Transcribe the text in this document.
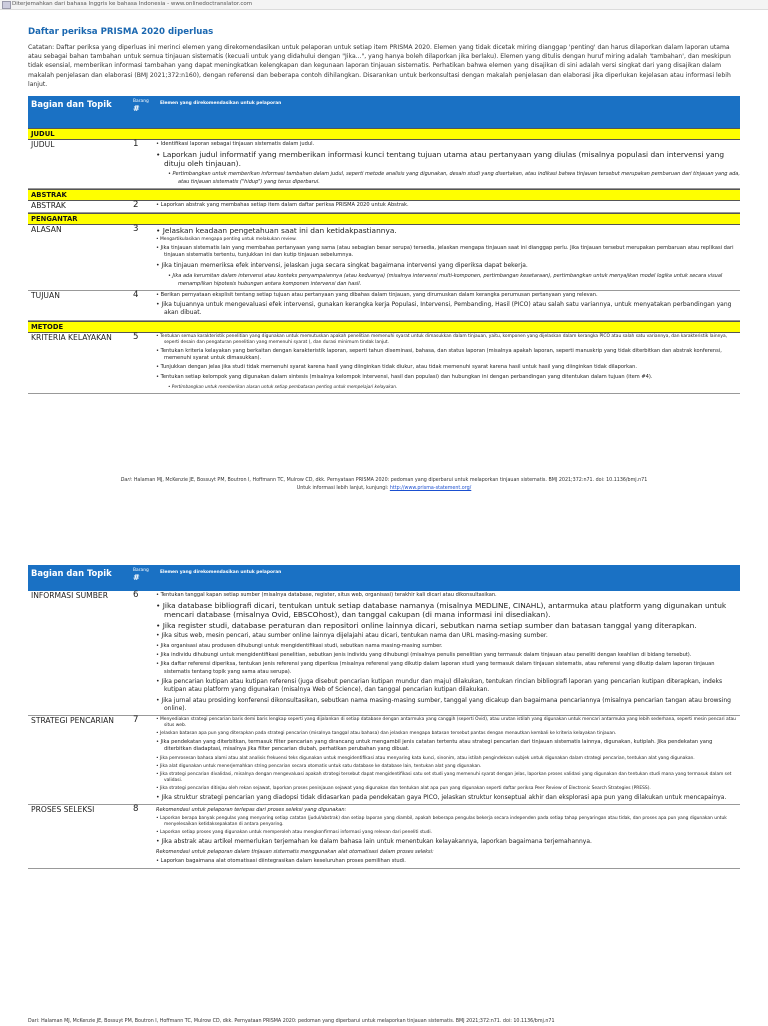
Diterjemahkan dari bahasa Inggris ke bahasa Indonesia - www.onlinedoctranslator.com
Daftar periksa PRISMA 2020 diperluas

Catatan: Daftar periksa yang diperluas ini merinci elemen yang direkomendasikan untuk pelaporan untuk setiap item PRISMA 2020. Elemen yang tidak dicetak miring dianggap 'penting' dan harus dilaporkan dalam laporan utama atau sebagai bahan tambahan untuk semua tinjauan sistematis (kecuali untuk yang didahului dengan "Jika...", yang hanya boleh dilaporkan jika berlaku). Elemen yang ditulis dengan huruf miring adalah 'tambahan', dan meskipun tidak esensial, memberikan informasi tambahan yang dapat meningkatkan kelengkapan dan kegunaan laporan tinjauan sistematis. Perhatikan bahwa elemen yang disajikan di sini adalah versi singkat dari yang disajikan dalam makalah penjelasan dan elaborasi (BMJ 2021;372:n160), dengan referensi dan beberapa contoh dihilangkan. Disarankan untuk berkonsultasi dengan makalah penjelasan dan elaborasi jika diperlukan kejelasan atau informasi lebih lanjut.

Bagian dan Topik	Barang
#
Elemen yang direkomendasikan untuk pelaporan
JUDUL
JUDUL	1	• Identifikasi laporan sebagai tinjauan sistematis dalam judul.
• Laporkan judul informatif yang memberikan informasi kunci tentang tujuan utama atau pertanyaan yang diulas (misalnya populasi dan intervensi yang dituju oleh tinjauan).
• Pertimbangkan untuk memberikan informasi tambahan dalam judul, seperti metode analisis yang digunakan, desain studi yang disertakan, atau indikasi bahwa tinjauan tersebut merupakan pembaruan dari tinjauan yang ada, atau tinjauan sistematis ("hidup") yang terus diperbarui.
ABSTRAK
ABSTRAK	2	• Laporkan abstrak yang membahas setiap item dalam daftar periksa PRISMA 2020 untuk Abstrak.
PENGANTAR
ALASAN	3 • Jelaskan keadaan pengetahuan saat ini dan ketidakpastiannya.
• Mengartikulasikan mengapa penting untuk melakukan review.
• Jika tinjauan sistematis lain yang membahas pertanyaan yang sama (atau sebagian besar serupa) tersedia, jelaskan mengapa tinjauan saat ini dianggap perlu. Jika tinjauan tersebut merupakan pembaruan atau replikasi dari tinjauan sistematis tertentu, tunjukkan ini dan kutip tinjauan sebelumnya.
• Jika tinjauan memeriksa efek intervensi, jelaskan juga secara singkat bagaimana intervensi yang diperiksa dapat bekerja.
• Jika ada kerumitan dalam intervensi atau konteks penyampaiannya (atau keduanya) (misalnya intervensi multi-komponen, pertimbangan kesetaraan), pertimbangkan untuk menyajikan model logika untuk secara visual menampilkan hipotesis hubungan antara komponen intervensi dan hasil.
TUJUAN	4	• Berikan pernyataan eksplisit tentang setiap tujuan atau pertanyaan yang dibahas dalam tinjauan, yang dirumuskan dalam kerangka perumusan pertanyaan yang relevan.
• Jika tujuannya untuk mengevaluasi efek intervensi, gunakan kerangka kerja Populasi, Intervensi, Pembanding, Hasil (PICO) atau salah satu variannya, untuk menyatakan perbandingan yang akan dibuat.
METODE
KRITERIA KELAYAKAN	5	• Tentukan semua karakteristik penelitian yang digunakan untuk memutuskan apakah penelitian memenuhi syarat untuk dimasukkan dalam tinjauan, yaitu, komponen yang dijelaskan dalam kerangka PICO atau salah satu variannya, dan karakteristik lainnya, seperti desain dan pengaturan penelitian yang memenuhi syarat ), dan durasi minimum tindak lanjut.
• Tentukan kriteria kelayakan yang berkaitan dengan karakteristik laporan, seperti tahun diseminasi, bahasa, dan status laporan (misalnya apakah laporan, seperti manuskrip yang tidak diterbitkan dan abstrak konferensi, memenuhi syarat untuk dimasukkan).
• Tunjukkan dengan jelas jika studi tidak memenuhi syarat karena hasil yang diinginkan tidak diukur, atau tidak memenuhi syarat karena hasil untuk hasil yang diinginkan tidak dilaporkan.
• Tentukan setiap kelompok yang digunakan dalam sintesis (misalnya kelompok intervensi, hasil dan populasi) dan hubungkan ini dengan perbandingan yang ditentukan dalam tujuan (item #4).
• Pertimbangkan untuk memberikan alasan untuk setiap pembatasan penting untuk mempelajari kelayakan.
Dari: Halaman MJ, McKenzie JE, Bossuyt PM, Boutron I, Hoffmann TC, Mulrow CD, dkk. Pernyataan PRISMA 2020: pedoman yang diperbarui untuk melaporkan tinjauan sistematis. BMJ 2021;372:n71. doi: 10.1136/bmj.n71
Untuk informasi lebih lanjut, kunjungi: http://www.prisma-statement.org/
Bagian dan Topik	Barang
#
Elemen yang direkomendasikan untuk pelaporan
INFORMASI SUMBER	6	• Tentukan tanggal kapan setiap sumber (misalnya database, register, situs web, organisasi) terakhir kali dicari atau dikonsultasikan.
• Jika database bibliografi dicari, tentukan untuk setiap database namanya (misalnya MEDLINE, CINAHL), antarmuka atau platform yang digunakan untuk mencari database (misalnya Ovid, EBSCOhost), dan tanggal cakupan (di mana informasi ini disediakan).
• Jika register studi, database peraturan dan repositori online lainnya dicari, sebutkan nama setiap sumber dan batasan tanggal yang diterapkan.
• Jika situs web, mesin pencari, atau sumber online lainnya dijelajahi atau dicari, tentukan nama dan URL masing-masing sumber.
• Jika organisasi atau produsen dihubungi untuk mengidentifikasi studi, sebutkan nama masing-masing sumber.
• Jika individu dihubungi untuk mengidentifikasi penelitian, sebutkan jenis individu yang dihubungi (misalnya penulis penelitian yang termasuk dalam tinjauan atau peneliti dengan keahlian di bidang tersebut).
• Jika daftar referensi diperiksa, tentukan jenis referensi yang diperiksa (misalnya referensi yang dikutip dalam laporan studi yang termasuk dalam tinjauan sistematis, atau referensi yang dikutip dalam laporan tinjauan sistematis tentang topik yang sama atau serupa).
• Jika pencarian kutipan atau kutipan referensi (juga disebut pencarian kutipan mundur dan maju) dilakukan, tentukan rincian bibliografi laporan yang pencarian kutipan diterapkan, indeks kutipan atau platform yang digunakan (misalnya Web of Science), dan tanggal pencarian kutipan dilakukan.
• Jika jurnal atau prosiding konferensi dikonsultasikan, sebutkan nama masing-masing sumber, tanggal yang dicakup dan bagaimana pencariannya (misalnya pencarian tangan atau browsing online).
STRATEGI PENCARIAN	7	• Menyediakan strategi pencarian baris demi baris lengkap seperti yang dijalankan di setiap database dengan antarmuka yang canggih (seperti Ovid), atau urutan istilah yang digunakan untuk mencari antarmuka yang lebih sederhana, seperti mesin pencari atau situs web.
• Jelaskan batasan apa pun yang diterapkan pada strategi pencarian (misalnya tanggal atau bahasa) dan jelaskan mengapa batasan tersebut pantas dengan menautkan kembali ke kriteria kelayakan tinjauan.
• Jika pendekatan yang diterbitkan, termasuk filter pencarian yang dirancang untuk mengambil jenis catatan tertentu atau strategi pencarian dari tinjauan sistematis lainnya, digunakan, kutiplah. Jika pendekatan yang diterbitkan diadaptasi, misalnya jika filter pencarian diubah, perhatikan perubahan yang dibuat.
• Jika pemrosesan bahasa alami atau alat analisis frekuensi teks digunakan untuk mengidentifikasi atau menyaring kata kunci, sinonim, atau istilah pengindeksan subjek untuk digunakan dalam strategi pencarian, tentukan alat yang digunakan.
• Jika alat digunakan untuk menerjemahkan string pencarian secara otomatis untuk satu database ke database lain, tentukan alat yang digunakan.
• Jika strategi pencarian divalidasi, misalnya dengan mengevaluasi apakah strategi tersebut dapat mengidentifikasi satu set studi yang memenuhi syarat dengan jelas, laporkan proses validasi yang digunakan dan tentukan studi mana yang termasuk dalam set validasi.
• Jika strategi pencarian ditinjau oleh rekan sejawat, laporkan proses peninjauan sejawat yang digunakan dan tentukan alat apa pun yang digunakan seperti daftar periksa Peer Review of Electronic Search Strategies (PRESS).
• Jika struktur strategi pencarian yang diadopsi tidak didasarkan pada pendekatan gaya PICO, jelaskan struktur konseptual akhir dan eksplorasi apa pun yang dilakukan untuk mencapainya.
PROSES SELEKSI	8	Rekomendasi untuk pelaporan terlepas dari proses seleksi yang digunakan:
• Laporkan berapa banyak pengulas yang menyaring setiap catatan (judul/abstrak) dan setiap laporan yang diambil, apakah beberapa pengulas bekerja secara independen pada setiap tahap penyaringan atau tidak, dan proses apa pun yang digunakan untuk menyelesaikan ketidaksepakatan di antara penyaring.
• Laporkan setiap proses yang digunakan untuk memperoleh atau mengkonfirmasi informasi yang relevan dari peneliti studi.
• Jika abstrak atau artikel memerlukan terjemahan ke dalam bahasa lain untuk menentukan kelayakannya, laporkan bagaimana terjemahannya.
Rekomendasi untuk pelaporan dalam tinjauan sistematis menggunakan alat otomatisasi dalam proses seleksi:
• Laporkan bagaimana alat otomatisasi diintegrasikan dalam keseluruhan proses pemilihan studi.
Dari: Halaman MJ, McKenzie JE, Bossuyt PM, Boutron I, Hoffmann TC, Mulrow CD, dkk. Pernyataan PRISMA 2020: pedoman yang diperbarui untuk melaporkan tinjauan sistematis. BMJ 2021;372:n71. doi: 10.1136/bmj.n71
